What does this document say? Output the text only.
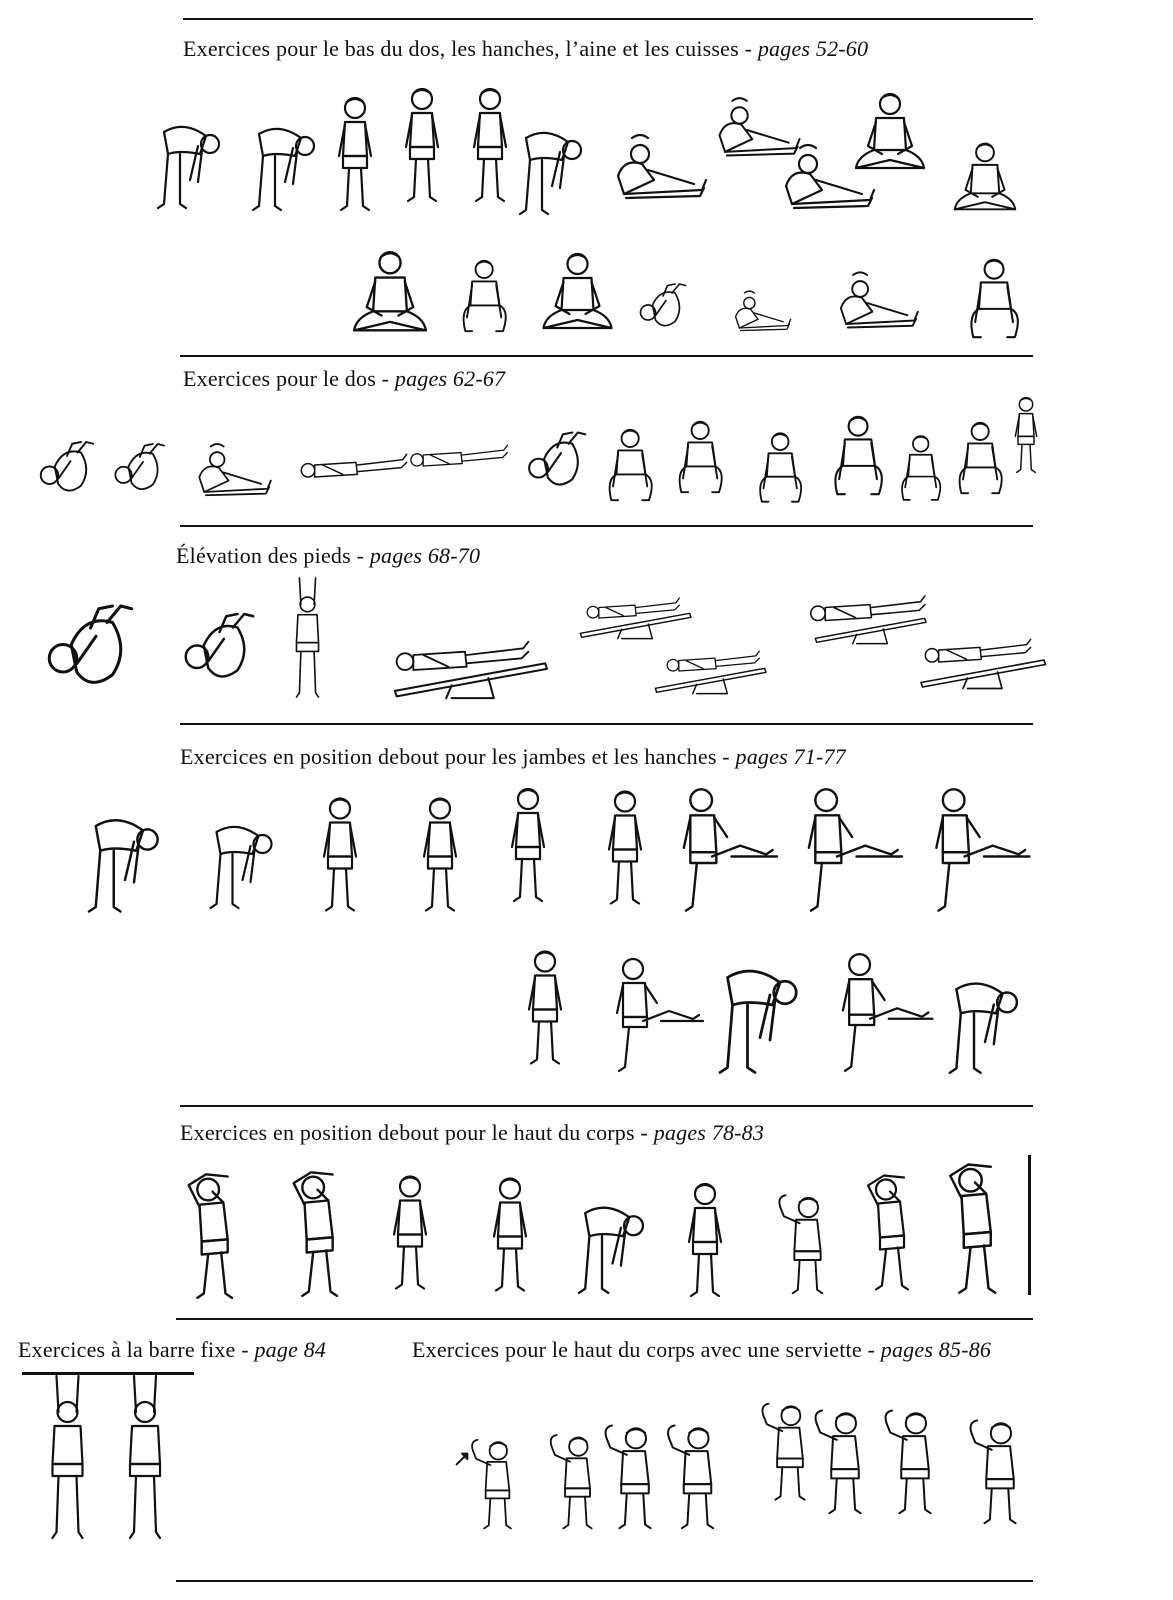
Exercices pour le bas du dos, les hanches, l’aine et les cuisses - pages 52-60
Exercices pour le dos - pages 62-67
Élévation des pieds - pages 68-70
Exercices en position debout pour les jambes et les hanches - pages 71-77
Exercices en position debout pour le haut du corps - pages 78-83
Exercices à la barre fixe - page 84	Exercices pour le haut du corps avec une serviette - pages 85-86
